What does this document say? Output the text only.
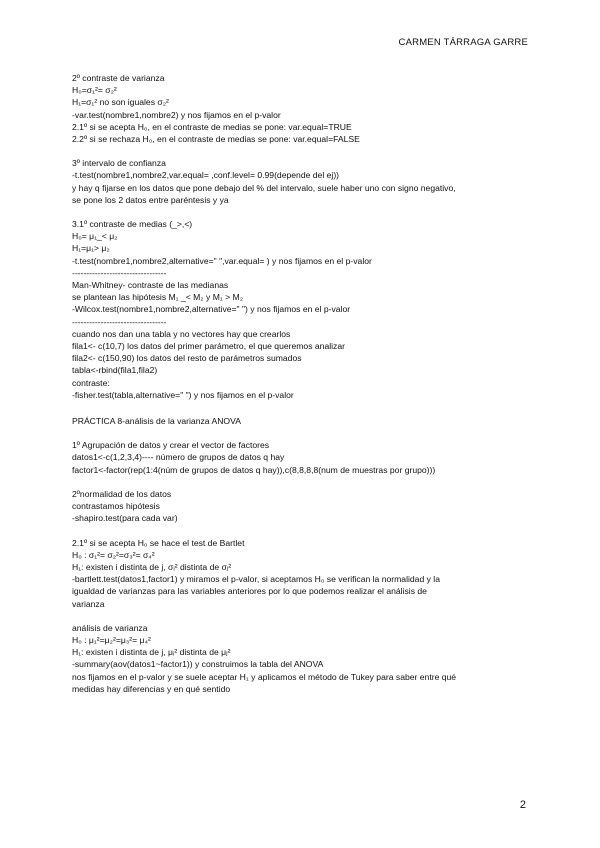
CARMEN TÁRRAGA GARRE
2º contraste de varianza
H₀=σ₁²= σ₂²
H₁=σ₁² no son iguales σ₂²
-var.test(nombre1,nombre2) y nos fijamos en el p-valor
2.1º si se acepta H₀, en el contraste de medias se pone: var.equal=TRUE
2.2º si se rechaza H₀, en el contraste de medias se pone: var.equal=FALSE
3º intervalo de confianza
-t.test(nombre1,nombre2,var.equal= ,conf.level= 0.99(depende del ej))
y hay q fijarse en los datos que pone debajo del % del intervalo, suele haber uno con signo negativo,
se pone los 2 datos entre paréntesis y ya
3.1º contraste de medias (_>,<)
H₀= μ₁_< μ₂
H₁=μ₁> μ₂
-t.test(nombre1,nombre2,alternative=" ",var.equal= ) y nos fijamos en el p-valor
---------------------------------
Man-Whitney- contraste de las medianas
se plantean las hipótesis M₁ _< M₂ y M₁ > M₂
-Wilcox.test(nombre1,nombre2,alternative=" ") y nos fijamos en el p-valor
---------------------------------
cuando nos dan una tabla y no vectores hay que crearlos
fila1<- c(10,7) los datos del primer parámetro, el que queremos analizar
fila2<- c(150,90) los datos del resto de parámetros sumados
tabla<-rbind(fila1,fila2)
contraste:
-fisher.test(tabla,alternative=" ") y nos fijamos en el p-valor
PRÁCTICA 8-análisis de la varianza ANOVA
1º Agrupación de datos y crear el vector de factores
datos1<-c(1,2,3,4)---- número de grupos de datos q hay
factor1<-factor(rep(1:4(núm de grupos de datos q hay)),c(8,8,8,8(num de muestras por grupo)))
2ºnormalidad de los datos
contrastamos hipótesis
-shapiro.test(para cada var)
2.1º si se acepta H₀ se hace el test de Bartlet
H₀ : σ₁²= σ₂²=σ₃²= σ₄²
H₁: existen i distinta de j, σᵢ² distinta de σⱼ²
-bartlett.test(datos1,factor1) y miramos el p-valor, si aceptamos H₀ se verifican la normalidad y la
igualdad de varianzas para las variables anteriores por lo que podemos realizar el análisis de
varianza
análisis de varianza
H₀ : μ₁²=μ₂²=μ₃²= μ₄²
H₁: existen i distinta de j, μᵢ² distinta de μⱼ²
-summary(aov(datos1~factor1)) y construimos la tabla del ANOVA
nos fijamos en el p-valor y se suele aceptar H₁ y aplicamos el método de Tukey para saber entre qué
medidas hay diferencias y en qué sentido
2
